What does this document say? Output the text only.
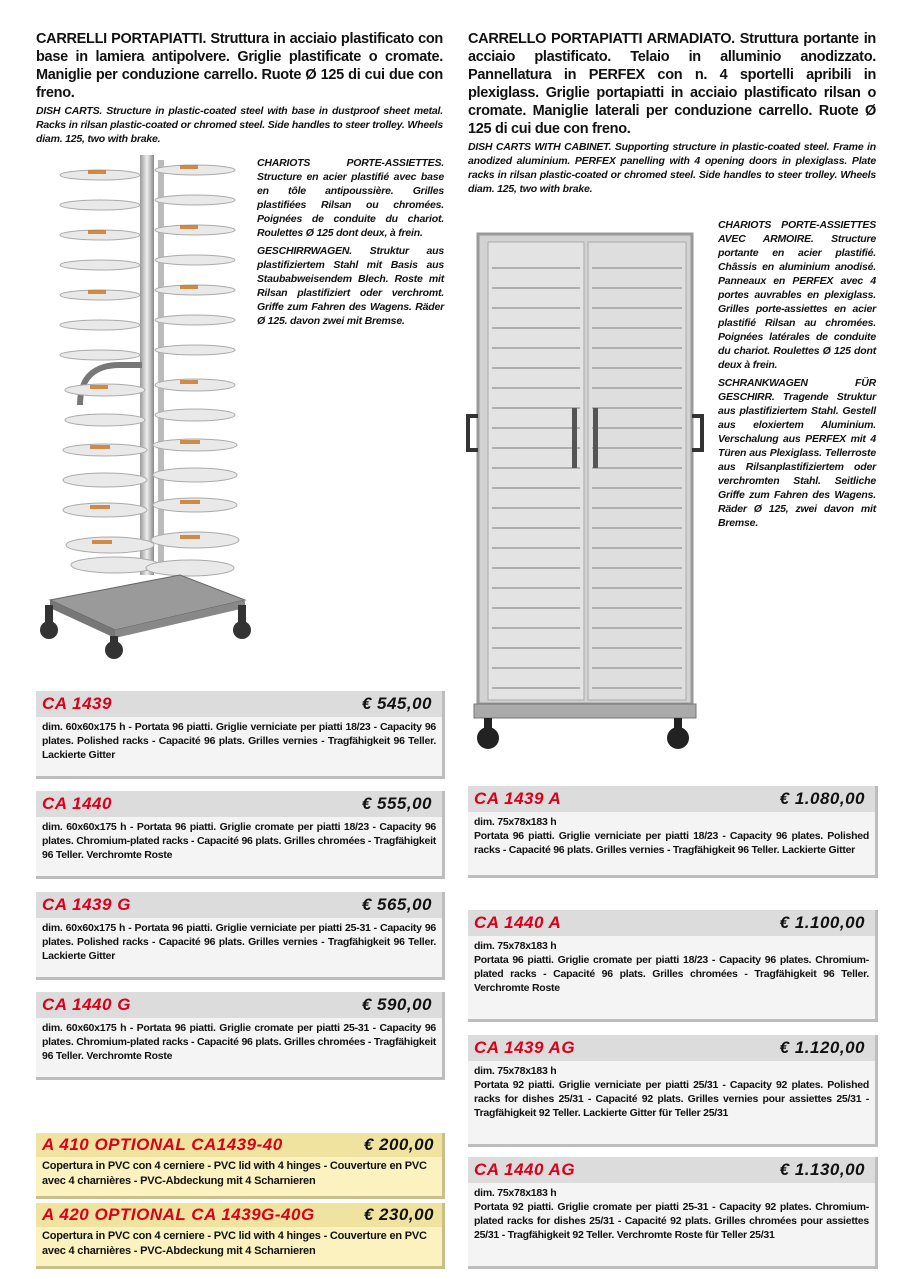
CARRELLI PORTAPIATTI. Struttura in acciaio plastificato con base in lamiera antipolvere. Griglie plastificate o cromate. Maniglie per conduzione carrello. Ruote Ø 125 di cui due con freno.

DISH CARTS. Structure in plastic-coated steel with base in dustproof sheet metal. Racks in rilsan plastic-coated or chromed steel. Side handles to steer trolley. Wheels diam. 125, two with brake.

CARRELLO PORTAPIATTI ARMADIATO. Struttura portante in acciaio plastificato. Telaio in alluminio anodizzato. Pannellatura in PERFEX con n. 4 sportelli apribili in plexiglass. Griglie portapiatti in acciaio plastificato rilsan o cromate. Maniglie laterali per conduzione carrello. Ruote Ø 125 di cui due con freno.

DISH CARTS WITH CABINET. Supporting structure in plastic-coated steel. Frame in anodized aluminium. PERFEX panelling with 4 opening doors in plexiglass. Plate racks in rilsan plastic-coated or chromed steel. Side handles to steer trolley. Wheels diam. 125, two with brake.

CHARIOTS PORTE-ASSIETTES. Structure en acier plastifié avec base en tôle antipoussière. Grilles plastifiées Rilsan ou chromées. Poignées de conduite du chariot. Roulettes Ø 125 dont deux, à frein.

GESCHIRRWAGEN. Struktur aus plastifiziertem Stahl mit Basis aus Staubabweisendem Blech. Roste mit Rilsan plastifiziert oder verchromt. Griffe zum Fahren des Wagens. Räder Ø 125. davon zwei mit Bremse.

CHARIOTS PORTE-ASSIETTES AVEC ARMOIRE. Structure portante en acier plastifié. Châssis en aluminium anodisé. Panneaux en PERFEX avec 4 portes auvrables en plexiglass. Grilles porte-assiettes en acier plastifié Rilsan au chromées. Poignées latérales de conduite du chariot. Roulettes Ø 125 dont deux à frein.

SCHRANKWAGEN FÜR GESCHIRR. Tragende Struktur aus plastifiziertem Stahl. Gestell aus eloxiertem Aluminium. Verschalung aus PERFEX mit 4 Türen aus Plexiglass. Tellerroste aus Rilsanplastifiziertem oder verchromten Stahl. Seitliche Griffe zum Fahren des Wagens. Räder Ø 125, zwei davon mit Bremse.

CA 1439	€ 545,00
dim. 60x60x175 h - Portata 96 piatti. Griglie verniciate per piatti 18/23 - Capacity 96 plates. Polished racks - Capacité 96 plats. Grilles vernies - Tragfähigkeit 96 Teller. Lackierte Gitter
CA 1440	€ 555,00
dim. 60x60x175 h - Portata 96 piatti. Griglie cromate per piatti 18/23 - Capacity 96 plates. Chromium-plated racks - Capacité 96 plats. Grilles chromées - Tragfähigkeit 96 Teller. Verchromte Roste
CA 1439 G	€ 565,00
dim. 60x60x175 h - Portata 96 piatti. Griglie verniciate per piatti 25-31 - Capacity 96 plates. Polished racks - Capacité 96 plats. Grilles vernies - Tragfähigkeit 96 Teller. Lackierte Gitter
CA 1440 G	€ 590,00
dim. 60x60x175 h - Portata 96 piatti. Griglie cromate per piatti 25-31 - Capacity 96 plates. Chromium-plated racks - Capacité 96 plats. Grilles chromées - Tragfähigkeit 96 Teller. Verchromte Roste
A 410 OPTIONAL CA1439-40	€ 200,00
Copertura in PVC con 4 cerniere - PVC lid with 4 hinges - Couverture en PVC avec 4 charnières - PVC-Abdeckung mit 4 Scharnieren
A 420 OPTIONAL CA 1439G-40G	€ 230,00
Copertura in PVC con 4 cerniere - PVC lid with 4 hinges - Couverture en PVC avec 4 charnières - PVC-Abdeckung mit 4 Scharnieren
CA 1439 A	€ 1.080,00
dim. 75x78x183 h
Portata 96 piatti. Griglie verniciate per piatti 18/23 - Capacity 96 plates. Polished racks - Capacité 96 plats. Grilles vernies - Tragfähigkeit 96 Teller. Lackierte Gitter
CA 1440 A	€ 1.100,00
dim. 75x78x183 h
Portata 96 piatti. Griglie cromate per piatti 18/23 - Capacity 96 plates. Chromium-plated racks - Capacité 96 plats. Grilles chromées - Tragfähigkeit 96 Teller. Verchromte Roste
CA 1439 AG	€ 1.120,00
dim. 75x78x183 h
Portata 92 piatti. Griglie verniciate per piatti 25/31 - Capacity 92 plates. Polished racks for dishes 25/31 - Capacité 92 plats. Grilles vernies pour assiettes 25/31 - Tragfähigkeit 92 Teller. Lackierte Gitter für Teller 25/31
CA 1440 AG	€ 1.130,00
dim. 75x78x183 h
Portata 92 piatti. Griglie cromate per piatti 25-31 - Capacity 92 plates. Chromium-plated racks for dishes 25/31 - Capacité 92 plats. Grilles chromées pour assiettes 25/31 - Tragfähigkeit 92 Teller. Verchromte Roste für Teller 25/31
